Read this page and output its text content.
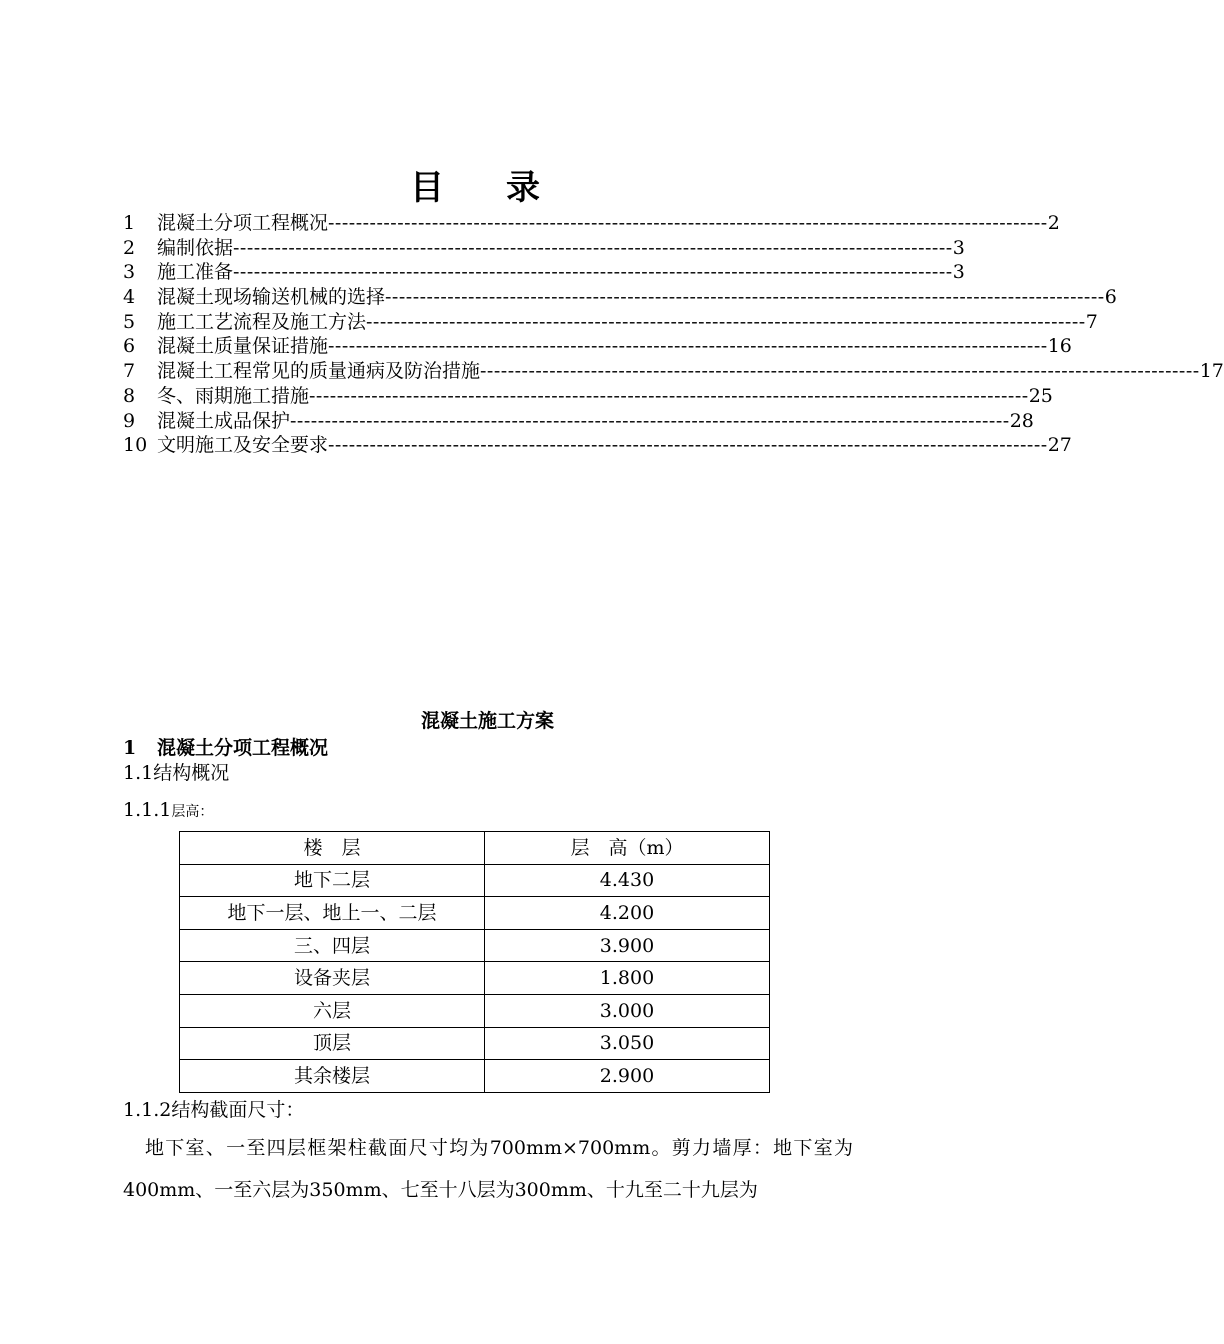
目 录
1	混凝土分项工程概况 -------------------------------------------------------------------------------------------------------- 2
2	编制依据 -------------------------------------------------------------------------------------------------------- 3
3	施工准备 -------------------------------------------------------------------------------------------------------- 3
4	混凝土现场输送机械的选择 -------------------------------------------------------------------------------------------------------- 6
5	施工工艺流程及施工方法 -------------------------------------------------------------------------------------------------------- 7
6	混凝土质量保证措施 -------------------------------------------------------------------------------------------------------- 16
7	混凝土工程常见的质量通病及防治措施 -------------------------------------------------------------------------------------------------------- 17
8	冬、雨期施工措施 -------------------------------------------------------------------------------------------------------- 25
9	混凝土成品保护 -------------------------------------------------------------------------------------------------------- 28
10 文明施工及安全要求 -------------------------------------------------------------------------------------------------------- 27
混凝土施工方案
1 混凝土分项工程概况

1.1结构概况

1.1.1层高：

楼　层	层　高（m）
地下二层	4.430
地下一层、地上一、二层	4.200
三、四层	3.900
设备夹层	1.800
六层	3.000
顶层	3.050
其余楼层	2.900

1.1.2结构截面尺寸：

地下室、一至四层框架柱截面尺寸均为700mm×700mm。剪力墙厚：地下室为400mm、一至六层为350mm、七至十八层为300mm、十九至二十九层为
